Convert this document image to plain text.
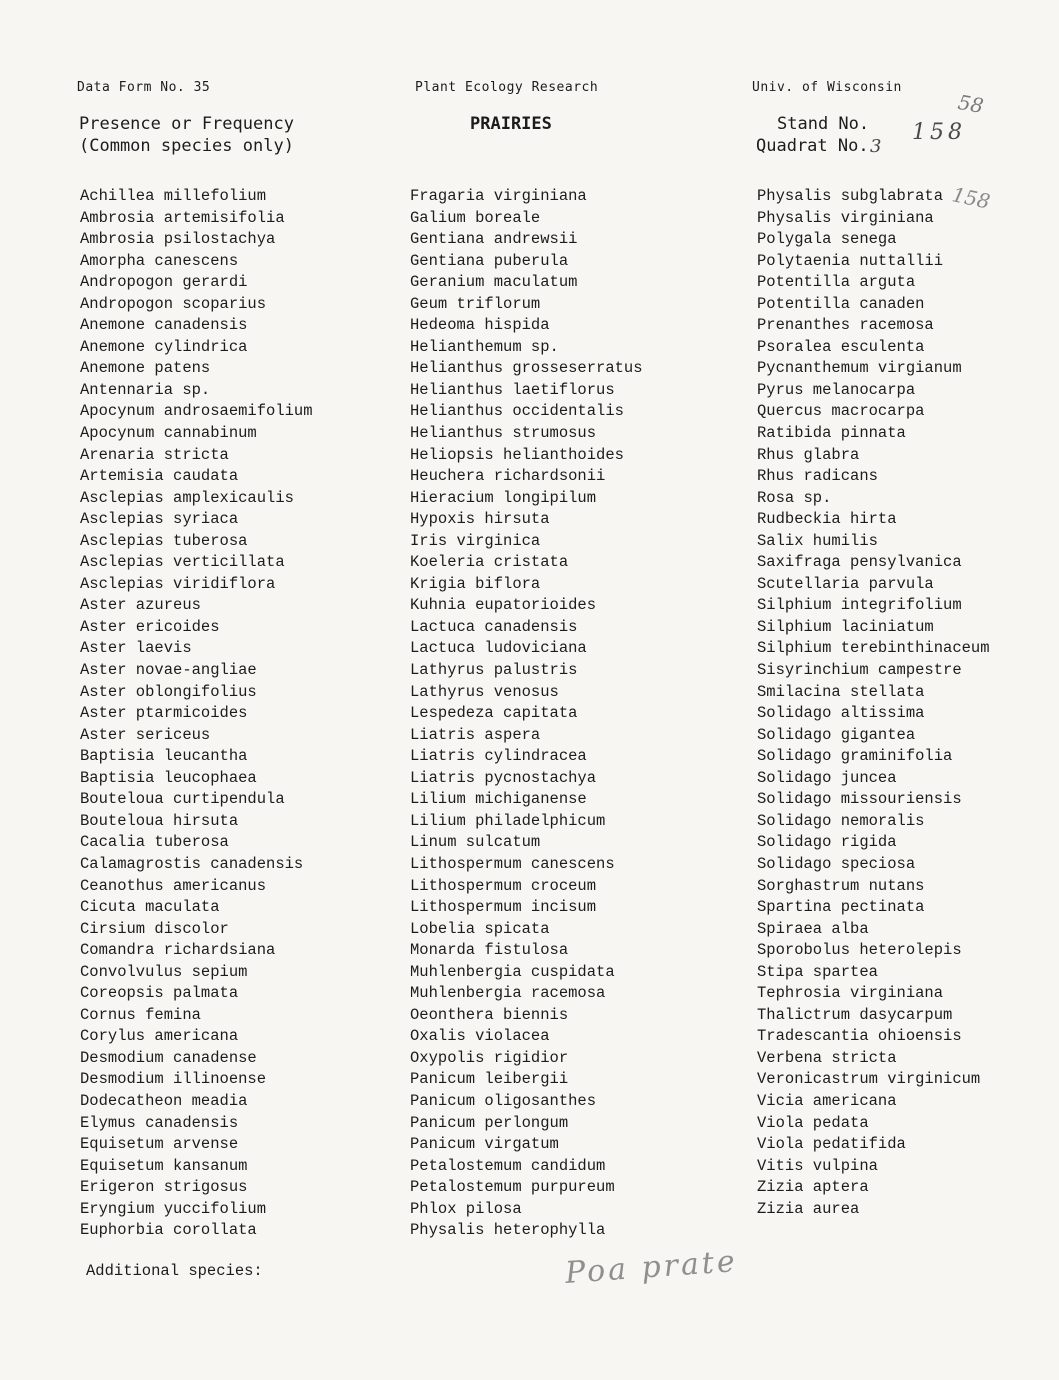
Data Form No. 35	Plant Ecology Research	Univ. of Wisconsin
Presence or Frequency
(Common species only)
PRAIRIES	Stand No.
Quadrat No.
58
158
3
158
Achillea millefolium
Ambrosia artemisifolia
Ambrosia psilostachya
Amorpha canescens
Andropogon gerardi
Andropogon scoparius
Anemone canadensis
Anemone cylindrica
Anemone patens
Antennaria sp.
Apocynum androsaemifolium
Apocynum cannabinum
Arenaria stricta
Artemisia caudata
Asclepias amplexicaulis
Asclepias syriaca
Asclepias tuberosa
Asclepias verticillata
Asclepias viridiflora
Aster azureus
Aster ericoides
Aster laevis
Aster novae-angliae
Aster oblongifolius
Aster ptarmicoides
Aster sericeus
Baptisia leucantha
Baptisia leucophaea
Bouteloua curtipendula
Bouteloua hirsuta
Cacalia tuberosa
Calamagrostis canadensis
Ceanothus americanus
Cicuta maculata
Cirsium discolor
Comandra richardsiana
Convolvulus sepium
Coreopsis palmata
Cornus femina
Corylus americana
Desmodium canadense
Desmodium illinoense
Dodecatheon meadia
Elymus canadensis
Equisetum arvense
Equisetum kansanum
Erigeron strigosus
Eryngium yuccifolium
Euphorbia corollata
Fragaria virginiana
Galium boreale
Gentiana andrewsii
Gentiana puberula
Geranium maculatum
Geum triflorum
Hedeoma hispida
Helianthemum sp.
Helianthus grosseserratus
Helianthus laetiflorus
Helianthus occidentalis
Helianthus strumosus
Heliopsis helianthoides
Heuchera richardsonii
Hieracium longipilum
Hypoxis hirsuta
Iris virginica
Koeleria cristata
Krigia biflora
Kuhnia eupatorioides
Lactuca canadensis
Lactuca ludoviciana
Lathyrus palustris
Lathyrus venosus
Lespedeza capitata
Liatris aspera
Liatris cylindracea
Liatris pycnostachya
Lilium michiganense
Lilium philadelphicum
Linum sulcatum
Lithospermum canescens
Lithospermum croceum
Lithospermum incisum
Lobelia spicata
Monarda fistulosa
Muhlenbergia cuspidata
Muhlenbergia racemosa
Oeonthera biennis
Oxalis violacea
Oxypolis rigidior
Panicum leibergii
Panicum oligosanthes
Panicum perlongum
Panicum virgatum
Petalostemum candidum
Petalostemum purpureum
Phlox pilosa
Physalis heterophylla
Physalis subglabrata
Physalis virginiana
Polygala senega
Polytaenia nuttallii
Potentilla arguta
Potentilla canaden
Prenanthes racemosa
Psoralea esculenta
Pycnanthemum virgianum
Pyrus melanocarpa
Quercus macrocarpa
Ratibida pinnata
Rhus glabra
Rhus radicans
Rosa sp.
Rudbeckia hirta
Salix humilis
Saxifraga pensylvanica
Scutellaria parvula
Silphium integrifolium
Silphium laciniatum
Silphium terebinthinaceum
Sisyrinchium campestre
Smilacina stellata
Solidago altissima
Solidago gigantea
Solidago graminifolia
Solidago juncea
Solidago missouriensis
Solidago nemoralis
Solidago rigida
Solidago speciosa
Sorghastrum nutans
Spartina pectinata
Spiraea alba
Sporobolus heterolepis
Stipa spartea
Tephrosia virginiana
Thalictrum dasycarpum
Tradescantia ohioensis
Verbena stricta
Veronicastrum virginicum
Vicia americana
Viola pedata
Viola pedatifida
Vitis vulpina
Zizia aptera
Zizia aurea
Additional species:	Poa prate
